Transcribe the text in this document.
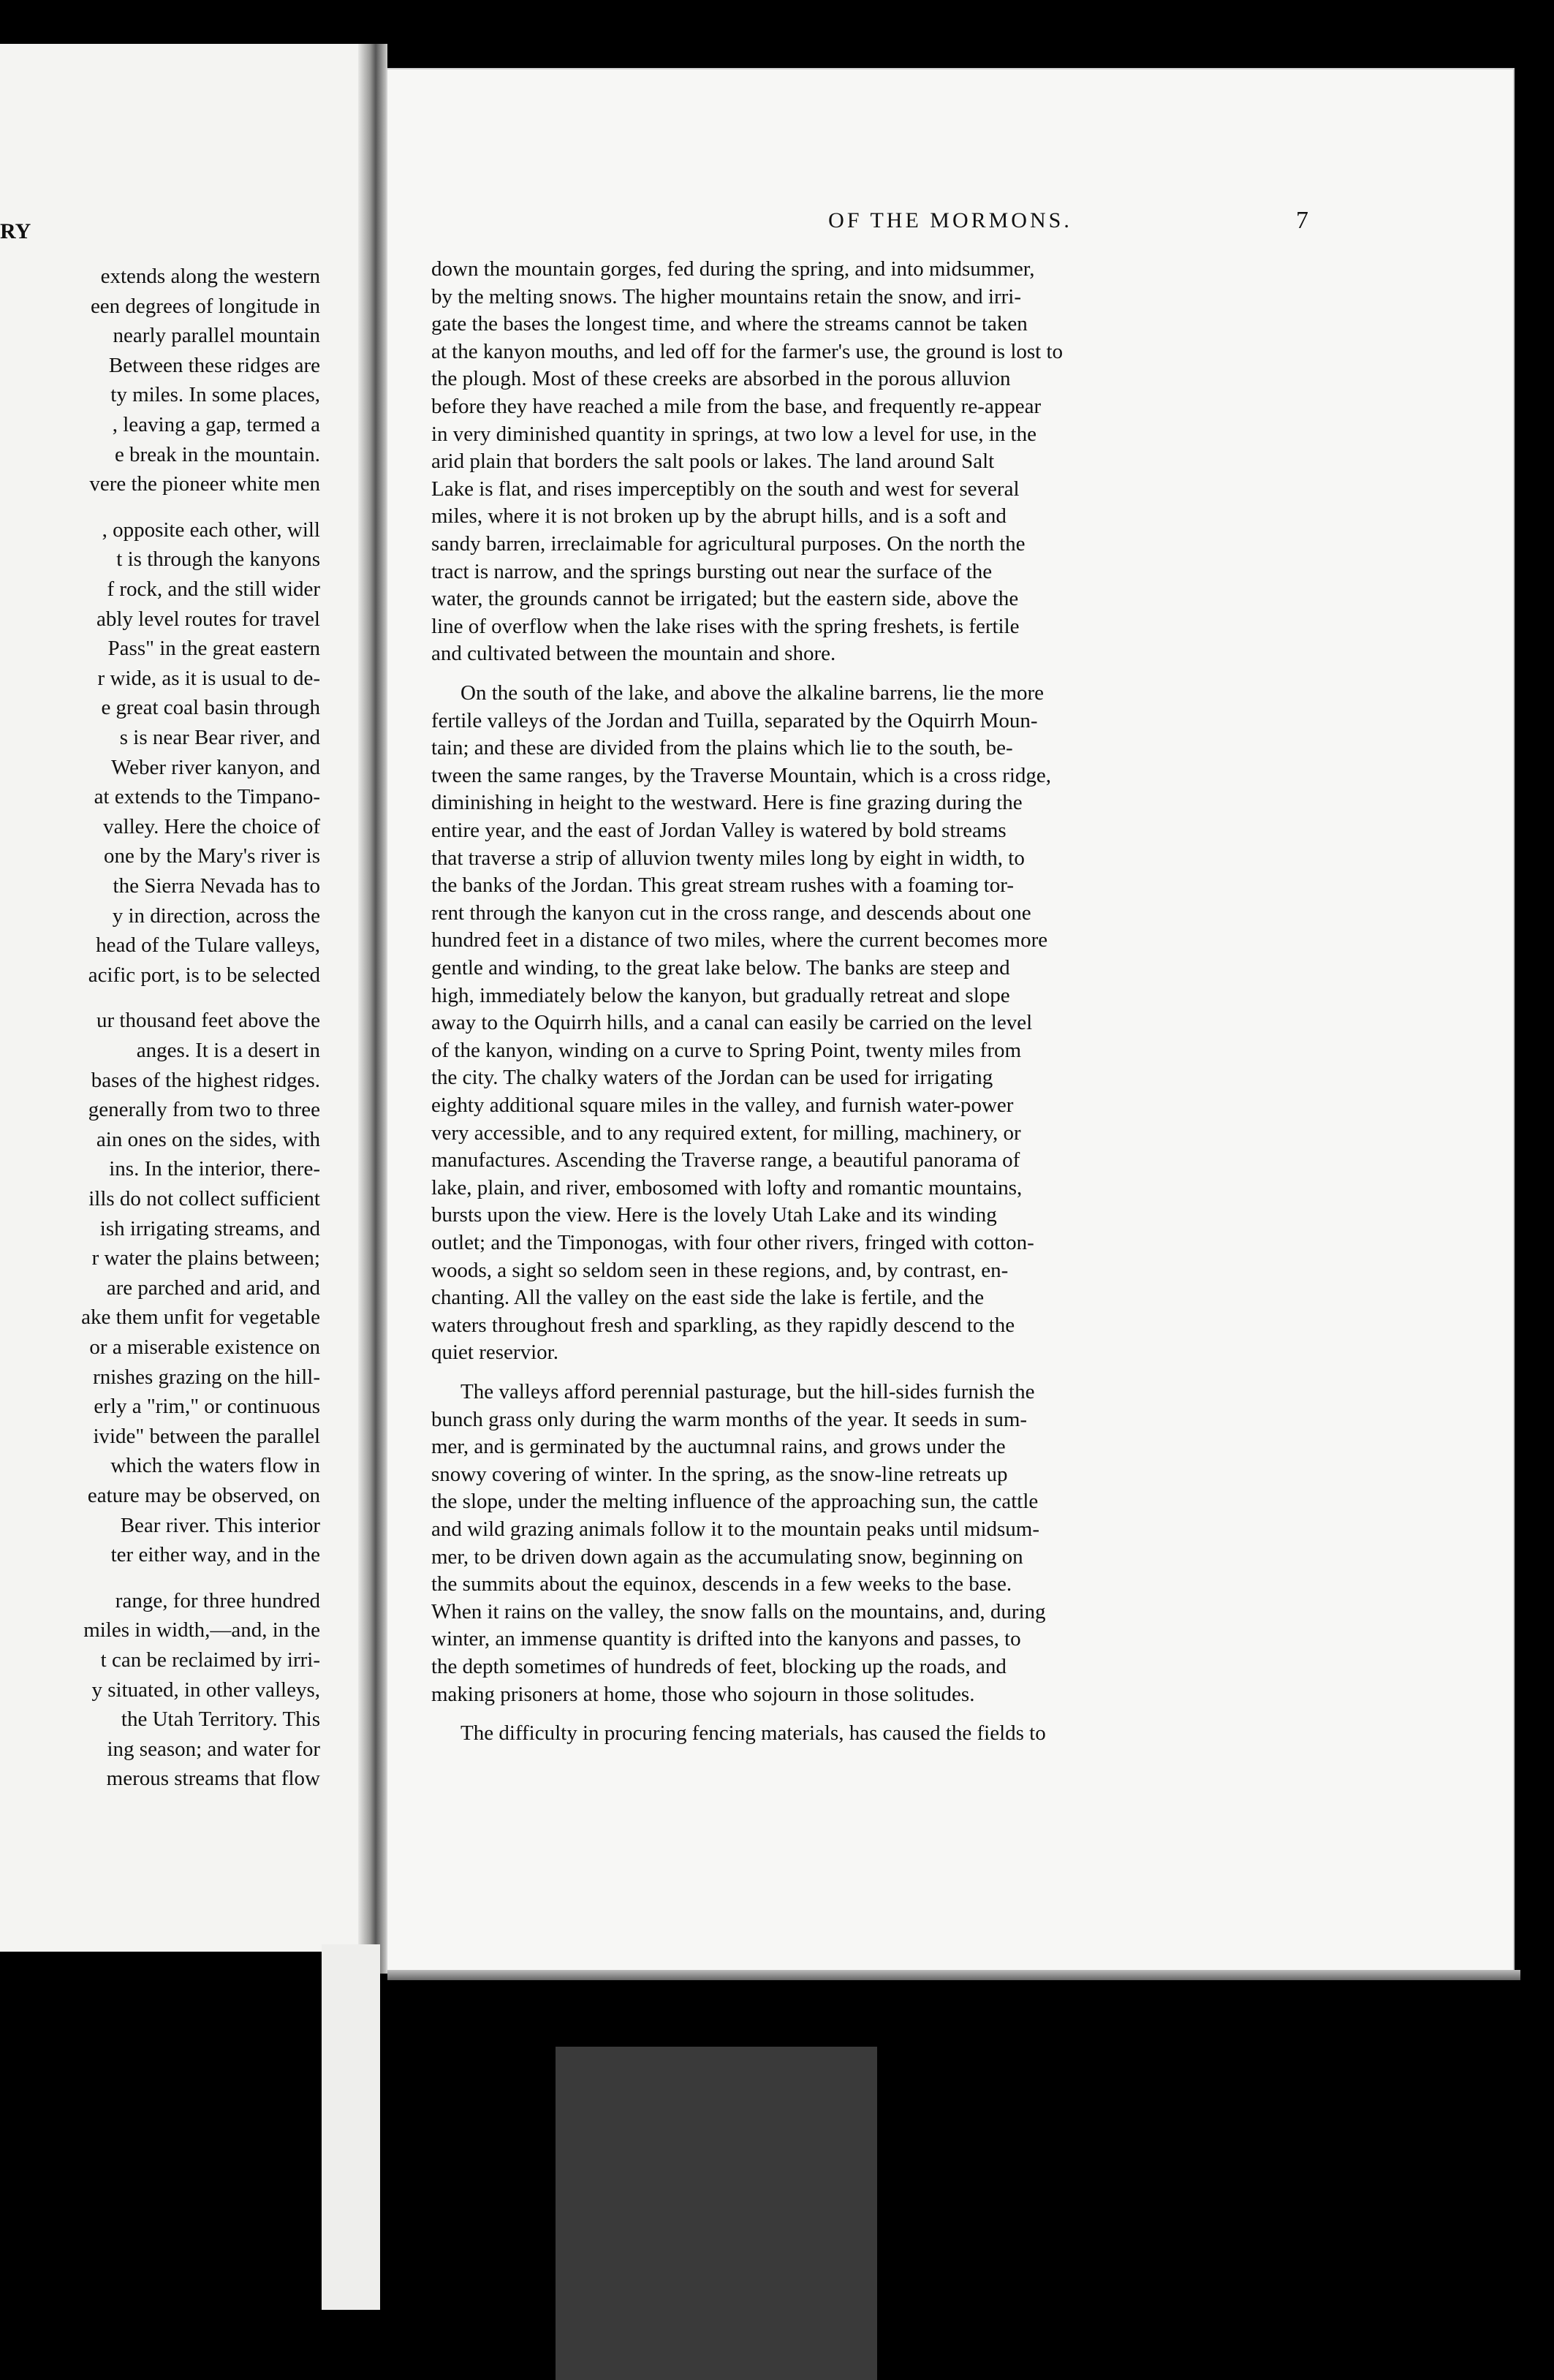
RY
extends along the western
een degrees of longitude in
nearly parallel mountain
Between these ridges are
ty miles. In some places,
, leaving a gap, termed a
e break in the mountain.
vere the pioneer white men
, opposite each other, will
t is through the kanyons
f rock, and the still wider
ably level routes for travel
Pass" in the great eastern
r wide, as it is usual to de-
e great coal basin through
s is near Bear river, and
Weber river kanyon, and
at extends to the Timpano-
valley. Here the choice of
one by the Mary's river is
the Sierra Nevada has to
y in direction, across the
head of the Tulare valleys,
acific port, is to be selected
ur thousand feet above the
anges. It is a desert in
bases of the highest ridges.
generally from two to three
ain ones on the sides, with
ins. In the interior, there-
ills do not collect sufficient
ish irrigating streams, and
r water the plains between;
are parched and arid, and
ake them unfit for vegetable
or a miserable existence on
rnishes grazing on the hill-
erly a "rim," or continuous
ivide" between the parallel
which the waters flow in
eature may be observed, on
Bear river. This interior
ter either way, and in the
range, for three hundred
miles in width,—and, in the
t can be reclaimed by irri-
y situated, in other valleys,
the Utah Territory. This
ing season; and water for
merous streams that flow
OF THE MORMONS.	7
down the mountain gorges, fed during the spring, and into midsummer,
by the melting snows. The higher mountains retain the snow, and irri-
gate the bases the longest time, and where the streams cannot be taken
at the kanyon mouths, and led off for the farmer's use, the ground is lost to
the plough. Most of these creeks are absorbed in the porous alluvion
before they have reached a mile from the base, and frequently re-appear
in very diminished quantity in springs, at two low a level for use, in the
arid plain that borders the salt pools or lakes. The land around Salt
Lake is flat, and rises imperceptibly on the south and west for several
miles, where it is not broken up by the abrupt hills, and is a soft and
sandy barren, irreclaimable for agricultural purposes. On the north the
tract is narrow, and the springs bursting out near the surface of the
water, the grounds cannot be irrigated; but the eastern side, above the
line of overflow when the lake rises with the spring freshets, is fertile
and cultivated between the mountain and shore.
On the south of the lake, and above the alkaline barrens, lie the more
fertile valleys of the Jordan and Tuilla, separated by the Oquirrh Moun-
tain; and these are divided from the plains which lie to the south, be-
tween the same ranges, by the Traverse Mountain, which is a cross ridge,
diminishing in height to the westward. Here is fine grazing during the
entire year, and the east of Jordan Valley is watered by bold streams
that traverse a strip of alluvion twenty miles long by eight in width, to
the banks of the Jordan. This great stream rushes with a foaming tor-
rent through the kanyon cut in the cross range, and descends about one
hundred feet in a distance of two miles, where the current becomes more
gentle and winding, to the great lake below. The banks are steep and
high, immediately below the kanyon, but gradually retreat and slope
away to the Oquirrh hills, and a canal can easily be carried on the level
of the kanyon, winding on a curve to Spring Point, twenty miles from
the city. The chalky waters of the Jordan can be used for irrigating
eighty additional square miles in the valley, and furnish water-power
very accessible, and to any required extent, for milling, machinery, or
manufactures. Ascending the Traverse range, a beautiful panorama of
lake, plain, and river, embosomed with lofty and romantic mountains,
bursts upon the view. Here is the lovely Utah Lake and its winding
outlet; and the Timponogas, with four other rivers, fringed with cotton-
woods, a sight so seldom seen in these regions, and, by contrast, en-
chanting. All the valley on the east side the lake is fertile, and the
waters throughout fresh and sparkling, as they rapidly descend to the
quiet reservior.
The valleys afford perennial pasturage, but the hill-sides furnish the
bunch grass only during the warm months of the year. It seeds in sum-
mer, and is germinated by the auctumnal rains, and grows under the
snowy covering of winter. In the spring, as the snow-line retreats up
the slope, under the melting influence of the approaching sun, the cattle
and wild grazing animals follow it to the mountain peaks until midsum-
mer, to be driven down again as the accumulating snow, beginning on
the summits about the equinox, descends in a few weeks to the base.
When it rains on the valley, the snow falls on the mountains, and, during
winter, an immense quantity is drifted into the kanyons and passes, to
the depth sometimes of hundreds of feet, blocking up the roads, and
making prisoners at home, those who sojourn in those solitudes.
The difficulty in procuring fencing materials, has caused the fields to
